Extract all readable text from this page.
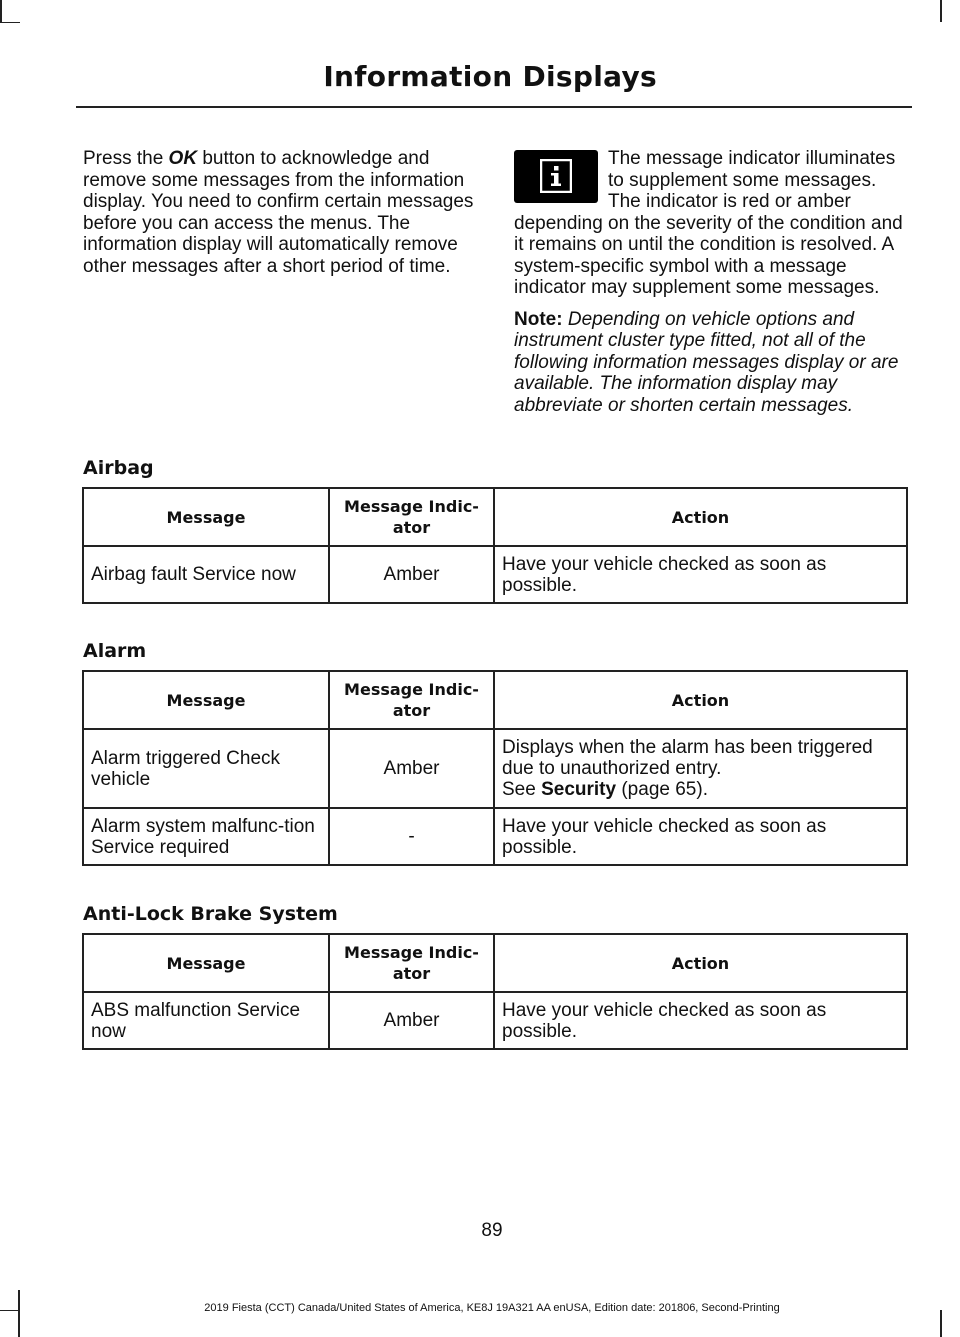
Information Displays

Press the OK button to acknowledge and remove some messages from the information display. You need to confirm certain messages before you can access the menus. The information display will automatically remove other messages after a short period of time.

The message indicator illuminates to supplement some messages. The indicator is red or amber depending on the severity of the condition and it remains on until the condition is resolved. A system-specific symbol with a message indicator may supplement some messages.

Note: Depending on vehicle options and instrument cluster type fitted, not all of the following information messages display or are available. The information display may abbreviate or shorten certain messages.

Airbag
Message	Message Indic-ator	Action
Airbag fault Service now	Amber	Have your vehicle checked as soon as possible.
Alarm
Message	Message Indic-ator	Action
Alarm triggered Check vehicle	Amber	Displays when the alarm has been triggered due to unauthorized entry.
See Security (page 65).
Alarm system malfunc-tion Service required	-	Have your vehicle checked as soon as possible.
Anti-Lock Brake System
Message	Message Indic-ator	Action
ABS malfunction Service now	Amber	Have your vehicle checked as soon as possible.
89
2019 Fiesta (CCT) Canada/United States of America, KE8J 19A321 AA enUSA, Edition date: 201806, Second-Printing
